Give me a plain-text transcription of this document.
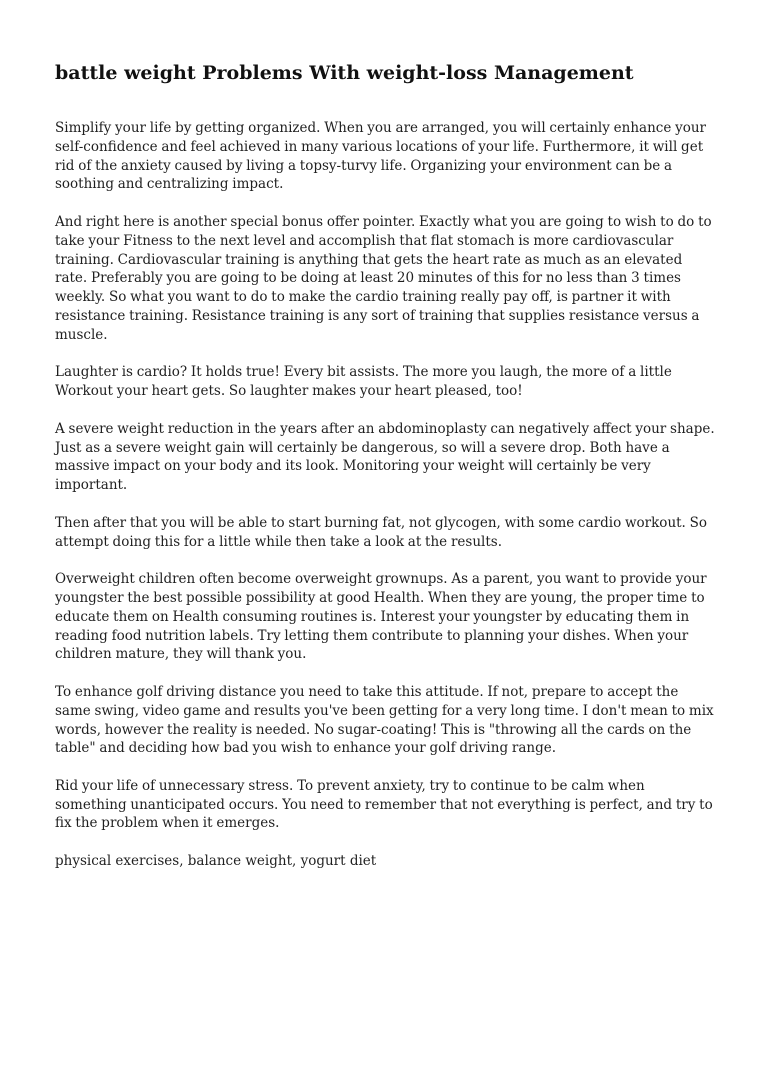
battle weight Problems With weight-loss Management

Simplify your life by getting organized. When you are arranged, you will certainly enhance your self-confidence and feel achieved in many various locations of your life. Furthermore, it will get rid of the anxiety caused by living a topsy-turvy life. Organizing your environment can be a soothing and centralizing impact.

And right here is another special bonus offer pointer. Exactly what you are going to wish to do to take your Fitness to the next level and accomplish that flat stomach is more cardiovascular training. Cardiovascular training is anything that gets the heart rate as much as an elevated rate. Preferably you are going to be doing at least 20 minutes of this for no less than 3 times weekly. So what you want to do to make the cardio training really pay off, is partner it with resistance training. Resistance training is any sort of training that supplies resistance versus a muscle.

Laughter is cardio? It holds true! Every bit assists. The more you laugh, the more of a little Workout your heart gets. So laughter makes your heart pleased, too!

A severe weight reduction in the years after an abdominoplasty can negatively affect your shape. Just as a severe weight gain will certainly be dangerous, so will a severe drop. Both have a massive impact on your body and its look. Monitoring your weight will certainly be very important.

Then after that you will be able to start burning fat, not glycogen, with some cardio workout. So attempt doing this for a little while then take a look at the results.

Overweight children often become overweight grownups. As a parent, you want to provide your youngster the best possible possibility at good Health. When they are young, the proper time to educate them on Health consuming routines is. Interest your youngster by educating them in reading food nutrition labels. Try letting them contribute to planning your dishes. When your children mature, they will thank you.

To enhance golf driving distance you need to take this attitude. If not, prepare to accept the same swing, video game and results you've been getting for a very long time. I don't mean to mix words, however the reality is needed. No sugar-coating! This is "throwing all the cards on the table" and deciding how bad you wish to enhance your golf driving range.

Rid your life of unnecessary stress. To prevent anxiety, try to continue to be calm when something unanticipated occurs. You need to remember that not everything is perfect, and try to fix the problem when it emerges.

physical exercises, balance weight, yogurt diet
